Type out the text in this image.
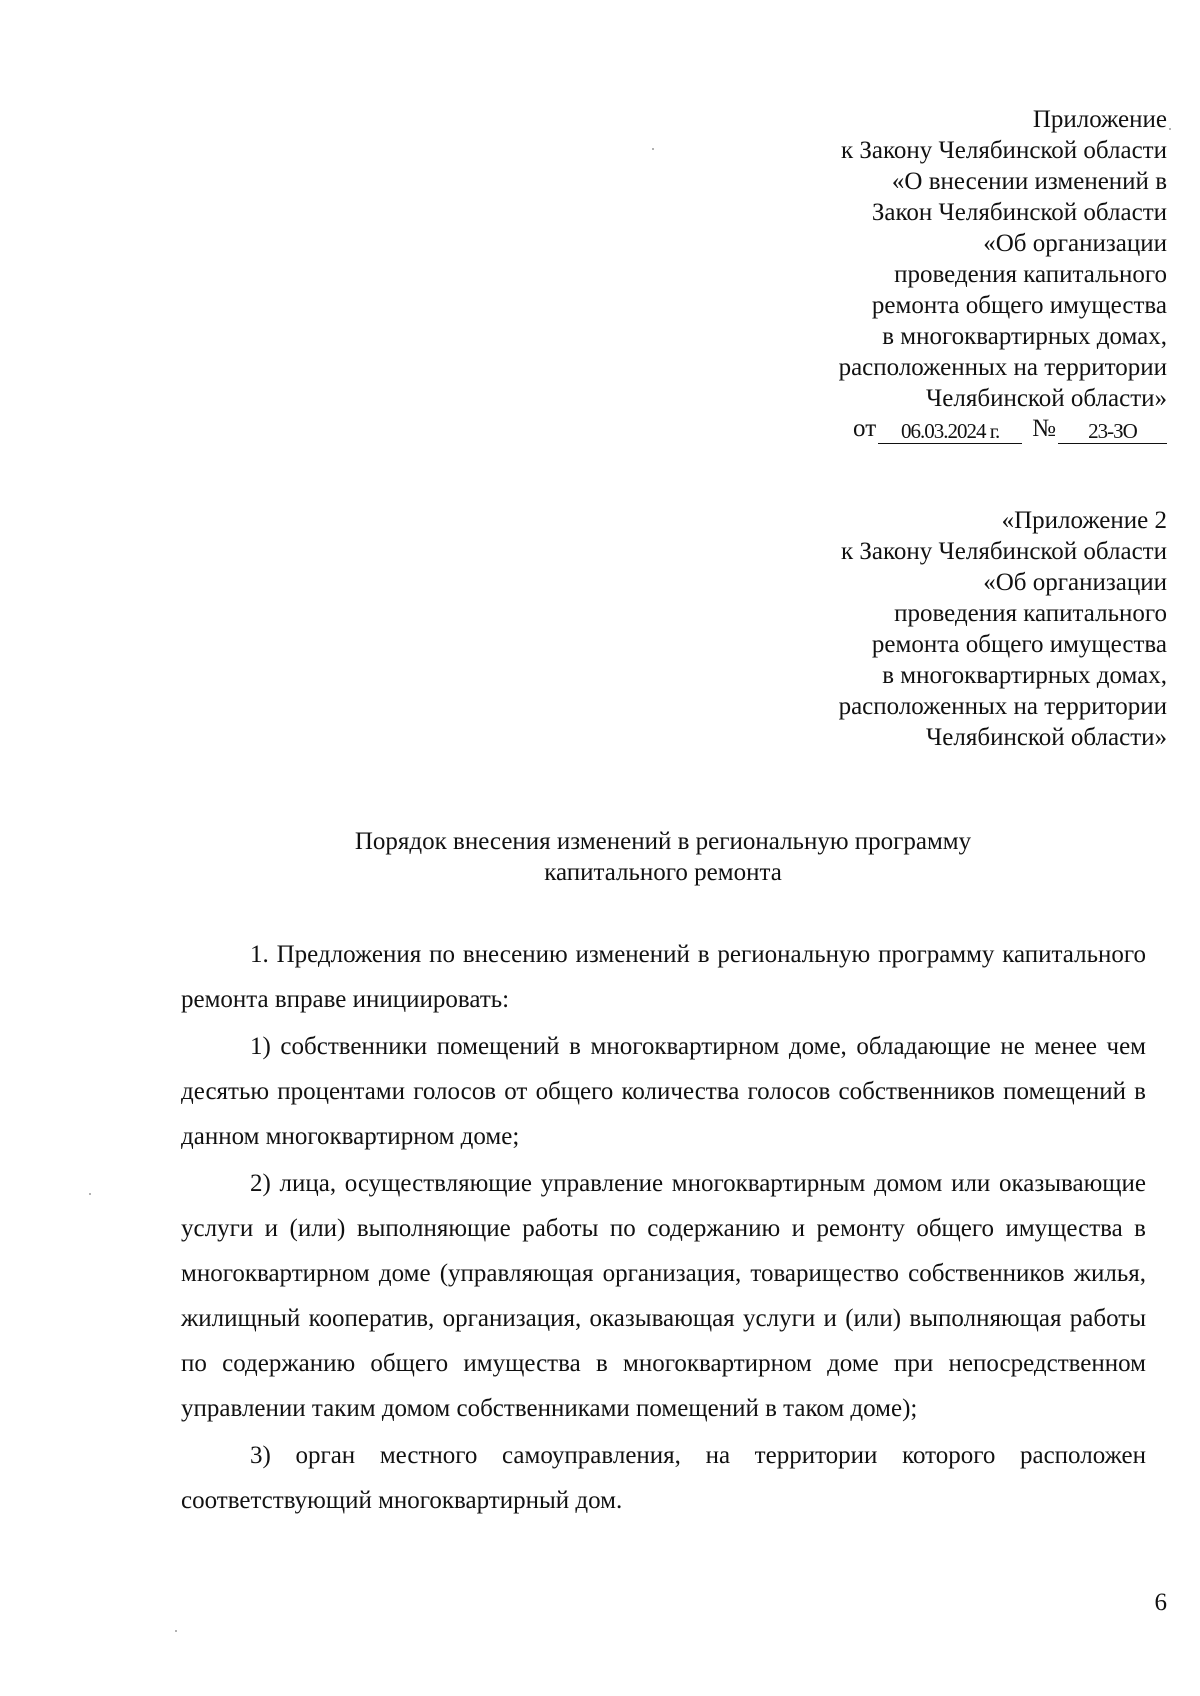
Приложение
к Закону Челябинской области
«О внесении изменений в
Закон Челябинской области
«Об организации
проведения капитального
ремонта общего имущества
в многоквартирных домах,
расположенных на территории
Челябинской области»
от	06.03.2024 г.	№	23-ЗО
«Приложение 2
к Закону Челябинской области
«Об организации
проведения капитального
ремонта общего имущества
в многоквартирных домах,
расположенных на территории
Челябинской области»
Порядок внесения изменений в региональную программу
капитального ремонта

1. Предложения по внесению изменений в региональную программу капитального ремонта вправе инициировать:

1) собственники помещений в многоквартирном доме, обладающие не менее чем десятью процентами голосов от общего количества голосов собственников помещений в данном многоквартирном доме;

2) лица, осуществляющие управление многоквартирным домом или оказывающие услуги и (или) выполняющие работы по содержанию и ремонту общего имущества в многоквартирном доме (управляющая организация, товарищество собственников жилья, жилищный кооператив, организация, оказывающая услуги и (или) выполняющая работы по содержанию общего имущества в многоквартирном доме при непосредственном управлении таким домом собственниками помещений в таком доме);

3) орган местного самоуправления, на территории которого расположен соответствующий многоквартирный дом.

6
